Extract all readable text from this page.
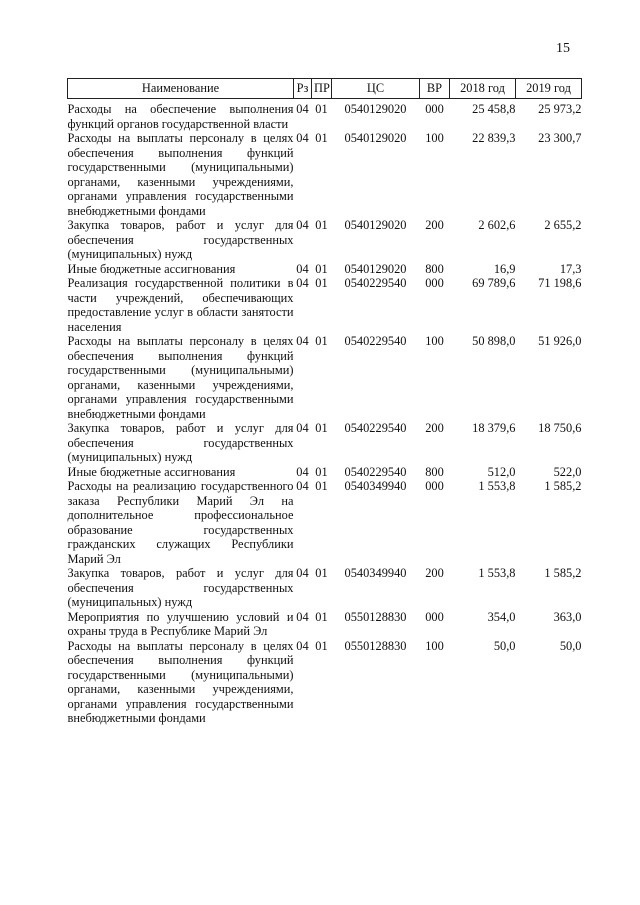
15
Наименование	Рз	ПР	ЦС	ВР	2018 год	2019 год
Расходы на обеспечение выполнения функций органов государственной власти	04	01	0540129020	000	25 458,8	25 973,2
Расходы на выплаты персоналу в целях обеспечения выполнения функций государственными (муниципальными) органами, казенными учреждениями, органами управления государственными внебюджетными фондами	04	01	0540129020	100	22 839,3	23 300,7
Закупка товаров, работ и услуг для обеспечения государственных (муниципальных) нужд	04	01	0540129020	200	2 602,6	2 655,2
Иные бюджетные ассигнования	04	01	0540129020	800	16,9	17,3
Реализация государственной политики в части учреждений, обеспечивающих предоставление услуг в области занятости населения	04	01	0540229540	000	69 789,6	71 198,6
Расходы на выплаты персоналу в целях обеспечения выполнения функций государственными (муниципальными) органами, казенными учреждениями, органами управления государственными внебюджетными фондами	04	01	0540229540	100	50 898,0	51 926,0
Закупка товаров, работ и услуг для обеспечения государственных (муниципальных) нужд	04	01	0540229540	200	18 379,6	18 750,6
Иные бюджетные ассигнования	04	01	0540229540	800	512,0	522,0
Расходы на реализацию государственного заказа Республики Марий Эл на дополнительное профессиональное образование государственных гражданских служащих Республики Марий Эл	04	01	0540349940	000	1 553,8	1 585,2
Закупка товаров, работ и услуг для обеспечения государственных (муниципальных) нужд	04	01	0540349940	200	1 553,8	1 585,2
Мероприятия по улучшению условий и охраны труда в Республике Марий Эл	04	01	0550128830	000	354,0	363,0
Расходы на выплаты персоналу в целях обеспечения выполнения функций государственными (муниципальными) органами, казенными учреждениями, органами управления государственными внебюджетными фондами	04	01	0550128830	100	50,0	50,0
